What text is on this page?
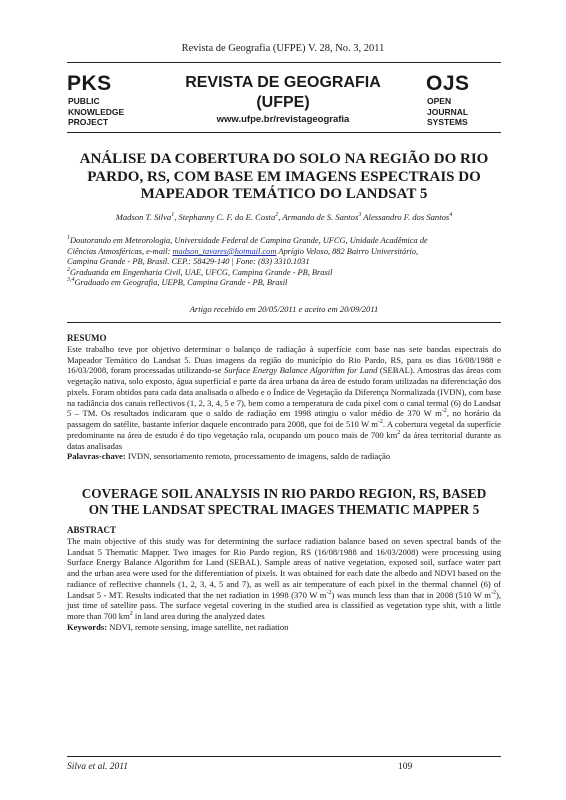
Revista de Geografia (UFPE) V. 28, No. 3, 2011
PKS
PUBLIC
KNOWLEDGE
PROJECT
REVISTA DE GEOGRAFIA
(UFPE)
www.ufpe.br/revistageografia
OJS
OPEN
JOURNAL
SYSTEMS
ANÁLISE DA COBERTURA DO SOLO NA REGIÃO DO RIO
PARDO, RS, COM BASE EM IMAGENS ESPECTRAIS DO
MAPEADOR TEMÁTICO DO LANDSAT 5
Madson T. Silva$^1$, Stephanny C. F. do E. Costa$^2$, Armando de S. Santos$^3$ Alessandro F. dos Santos$^4$
$^1$Doutorando em Meteorologia, Universidade Federal de Campina Grande, UFCG, Unidade Acadêmica de
Ciências Atmosféricas, e-mail: madson_tavares@hotmail.com Aprígio Veloso, 882 Bairro Universitário,
Campina Grande - PB, Brasil. CEP.: 58429-140 | Fone: (83) 3310.1031
$^2$Graduanda em Engenharia Civil, UAE, UFCG, Campina Grande - PB, Brasil
$^{3,4}$Graduado em Geografia, UEPB, Campina Grande - PB, Brasil
Artigo recebido em 20/05/2011 e aceito em 20/09/2011
RESUMO
Este trabalho teve por objetivo determinar o balanço de radiação à superfície com base nas sete bandas espectrais do Mapeador Temático do Landsat 5. Duas imagens da região do município do Rio Pardo, RS, para os dias 16/08/1988 e 16/03/2008, foram processadas utilizando-se Surface Energy Balance Algorithm for Land (SEBAL). Amostras das áreas com vegetação nativa, solo exposto, água superficial e parte da área urbana da área de estudo foram utilizadas na diferenciação dos pixels. Foram obtidos para cada data analisada o albedo e o Índice de Vegetação da Diferença Normalizada (IVDN), com base na radiância dos canais reflectivos (1, 2, 3, 4, 5 e 7), bem como a temperatura de cada pixel com o canal termal (6) do Landsat 5 – TM. Os resultados indicaram que o saldo de radiação em 1998 atingiu o valor médio de 370 W $m^{-2}$, no horário da passagem do satélite, bastante inferior daquele encontrado para 2008, que foi de 510 W $m^{-2}$. A cobertura vegetal da superfície predominante na área de estudo é do tipo vegetação rala, ocupando um pouco mais de 700 $km^2$ da área territorial durante as datas analisadas
Palavras-chave: IVDN, sensoriamento remoto, processamento de imagens, saldo de radiação
COVERAGE SOIL ANALYSIS IN RIO PARDO REGION, RS, BASED
ON THE LANDSAT SPECTRAL IMAGES THEMATIC MAPPER 5
ABSTRACT
The main objective of this study was for determining the surface radiation balance based on seven spectral bands of the Landsat 5 Thematic Mapper. Two images for Rio Pardo region, RS (16/08/1988 and 16/03/2008) were processing using Surface Energy Balance Algorithm for Land (SEBAL). Sample areas of native vegetation, exposed soil, surface water part and the urban area were used for the differentiation of pixels. It was obtained for each date the albedo and NDVI based on the radiance of reflective channels (1, 2, 3, 4, 5 and 7), as well as air temperature of each pixel in the thermal channel (6) of Landsat 5 - MT. Results indicated that the net radiation in 1998 (370 W $m^{-2}$) was munch less than that in 2008 (510 W $m^{-2}$), just time of satellite pass. The surface vegetal covering in the studied area is classified as vegetation type shit, with a little more than 700 $km^2$ in land area during the analyzed dates
Keywords: NDVI, remote sensing, image satellite, net radiation
Silva et al. 2011	109
